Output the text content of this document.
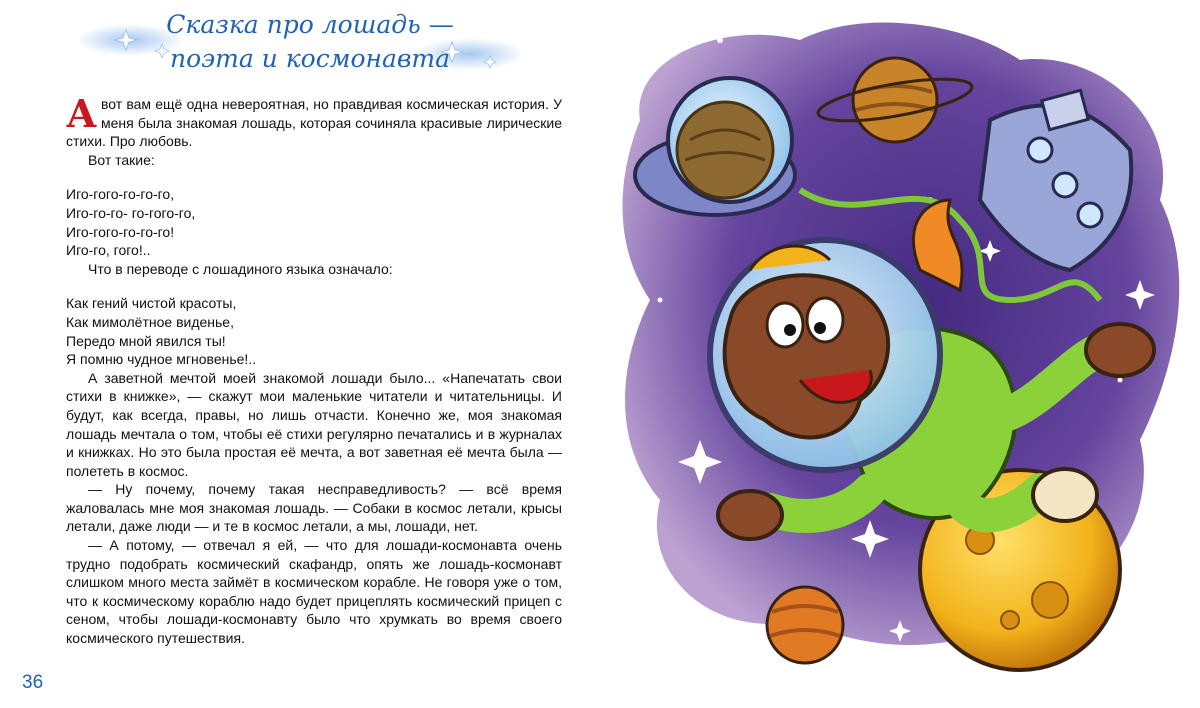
Сказка про лошадь —
поэта и космонавта

А вот вам ещё одна невероятная, но правдивая космическая история. У меня была знакомая лошадь, которая сочиняла красивые лирические стихи. Про любовь.

Вот такие:

Иго-гого-го-го-го,
Иго-го-го- го-гого-го,
Иго-гого-го-го-го!
Иго-го, гого!..

Что в переводе с лошадиного языка означало:

Как гений чистой красоты,
Как мимолётное виденье,
Передо мной явился ты!
Я помню чудное мгновенье!..

А заветной мечтой моей знакомой лошади было... «Напечатать свои стихи в книжке», — скажут мои маленькие читатели и читательницы. И будут, как всегда, правы, но лишь отчасти. Конечно же, моя знакомая лошадь мечтала о том, чтобы её стихи регулярно печатались и в журналах и книжках. Но это была простая её мечта, а вот заветная её мечта была — полететь в космос.

— Ну почему, почему такая несправедливость? — всё время жаловалась мне моя знакомая лошадь. — Собаки в космос летали, крысы летали, даже люди — и те в космос летали, а мы, лошади, нет.

— А потому, — отвечал я ей, — что для лошади-космонавта очень трудно подобрать космический скафандр, опять же лошадь-космонавт слишком много места займёт в космическом корабле. Не говоря уже о том, что к космическому кораблю надо будет прицеплять космический прицеп с сеном, чтобы лошади-космонавту было что хрумкать во время своего космического путешествия.

36
